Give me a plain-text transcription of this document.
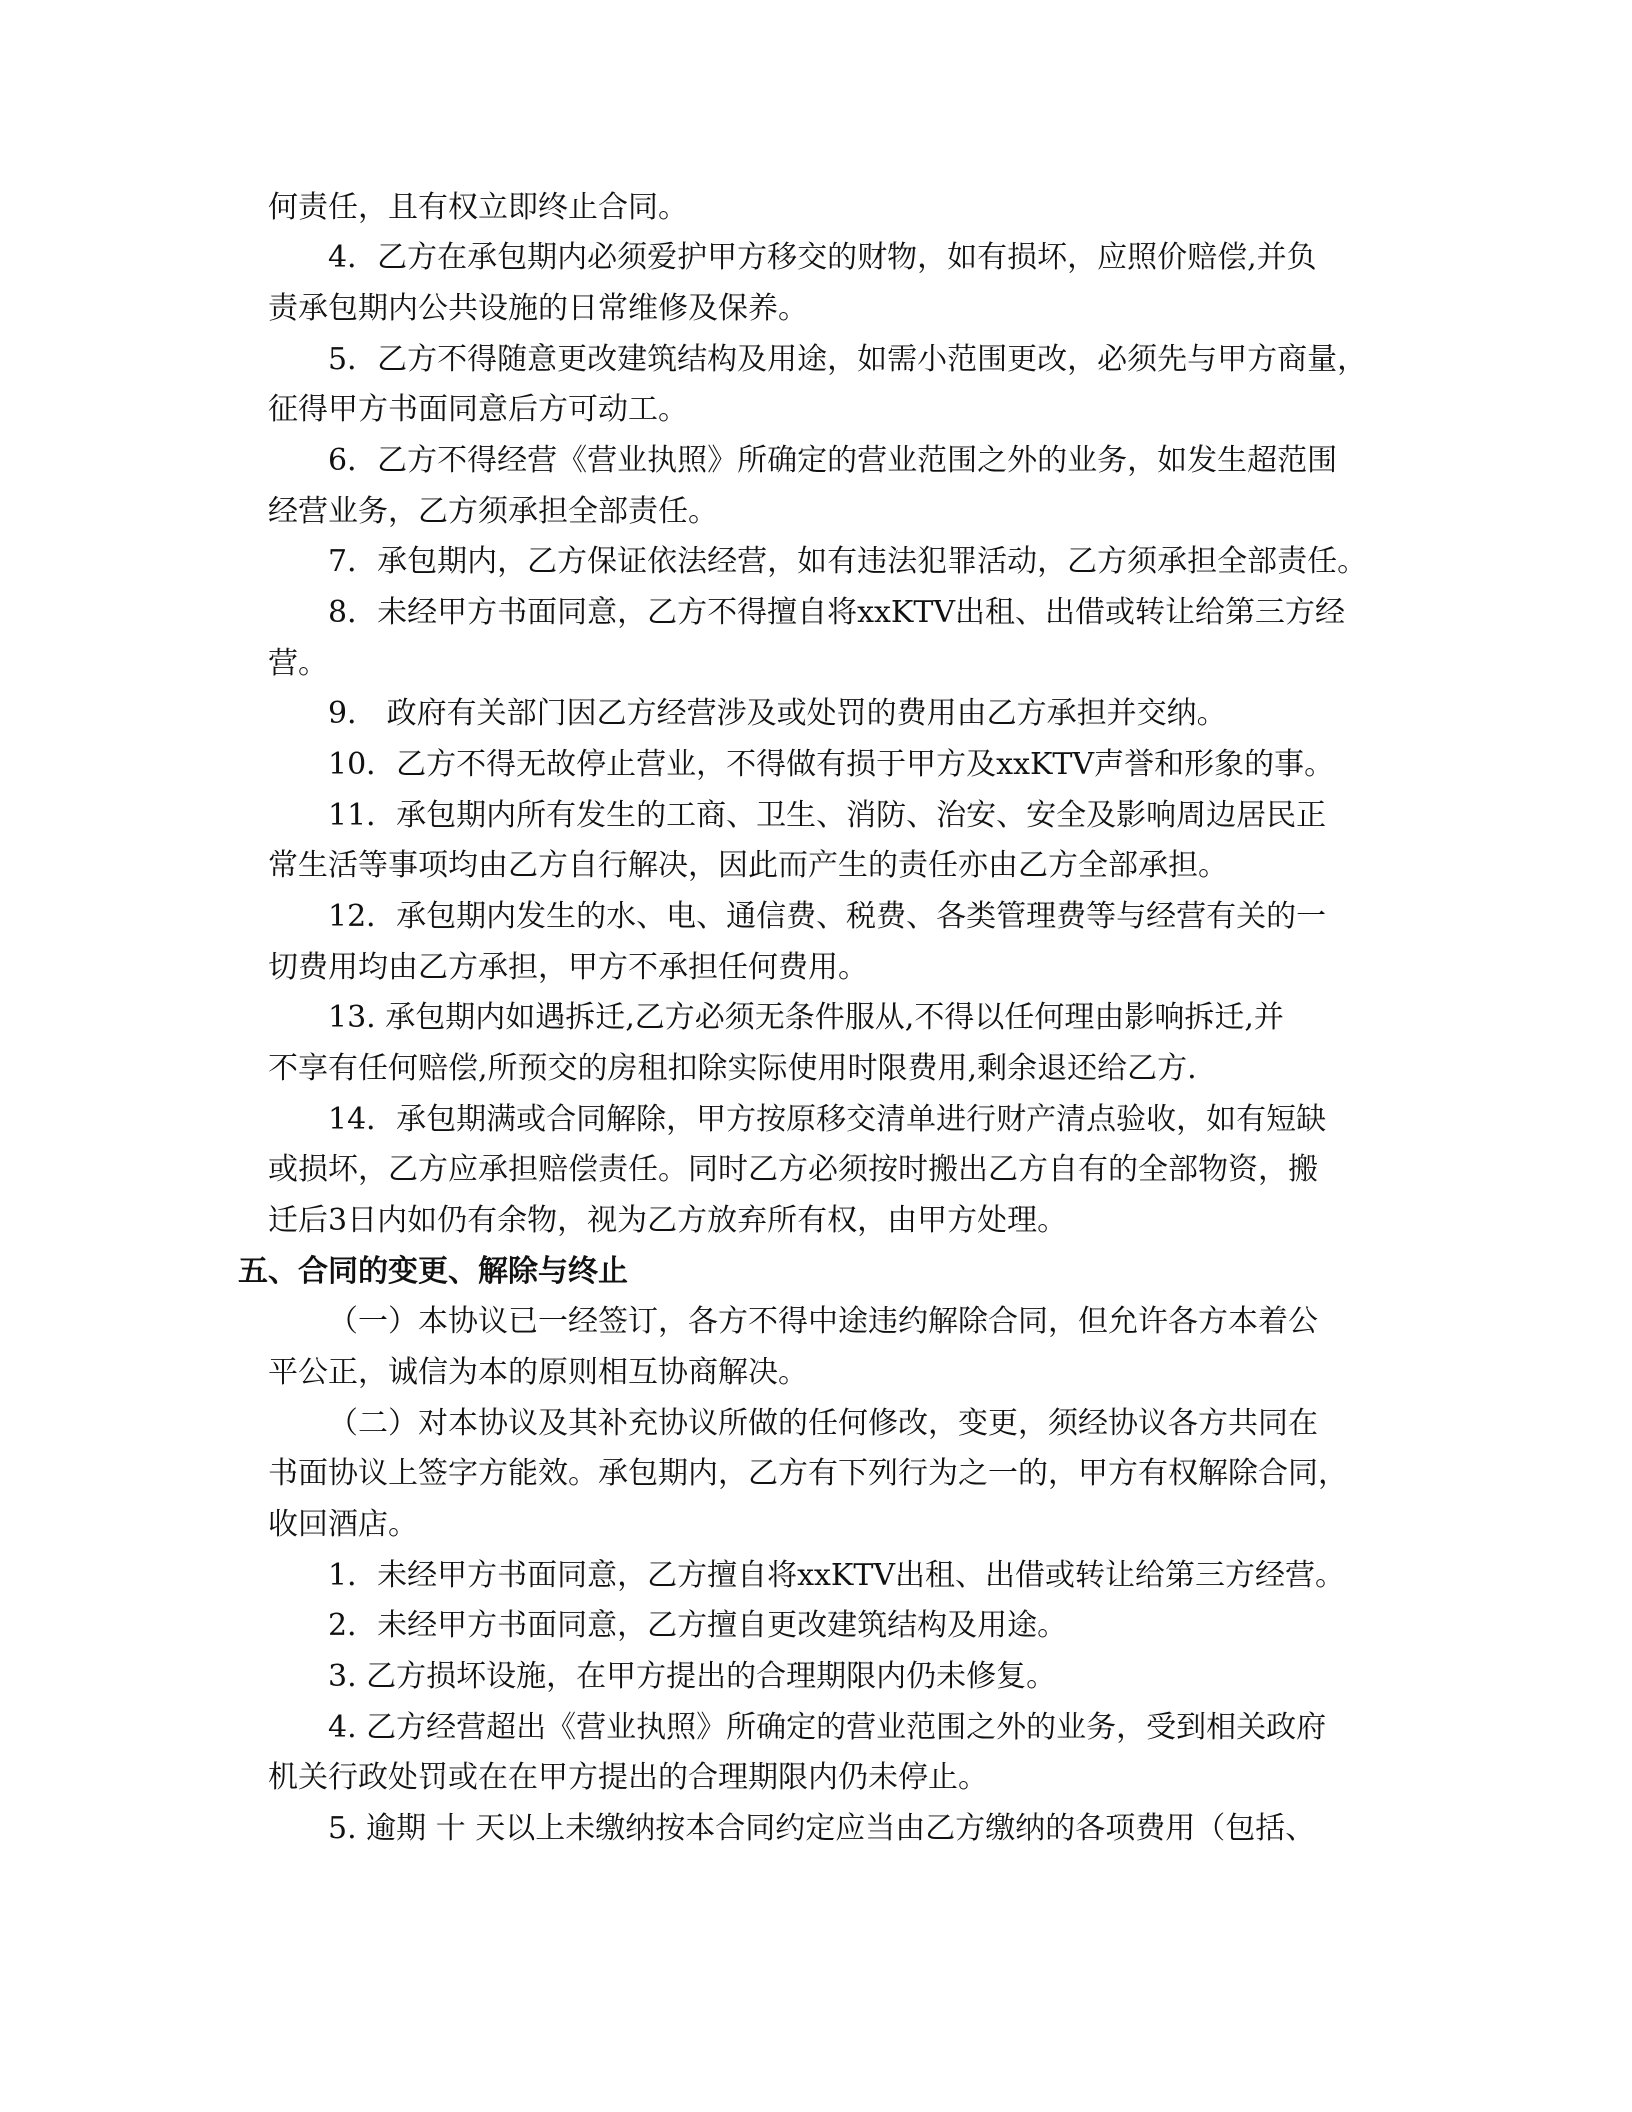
何责任，且有权立即终止合同。
4．乙方在承包期内必须爱护甲方移交的财物，如有损坏，应照价赔偿,并负
责承包期内公共设施的日常维修及保养。
5．乙方不得随意更改建筑结构及用途，如需小范围更改，必须先与甲方商量，
征得甲方书面同意后方可动工。
6．乙方不得经营《营业执照》所确定的营业范围之外的业务，如发生超范围
经营业务，乙方须承担全部责任。
7．承包期内，乙方保证依法经营，如有违法犯罪活动，乙方须承担全部责任。
8．未经甲方书面同意，乙方不得擅自将xxKTV出租、出借或转让给第三方经
营。
9． 政府有关部门因乙方经营涉及或处罚的费用由乙方承担并交纳。
10．乙方不得无故停止营业，不得做有损于甲方及xxKTV声誉和形象的事。
11．承包期内所有发生的工商、卫生、消防、治安、安全及影响周边居民正
常生活等事项均由乙方自行解决，因此而产生的责任亦由乙方全部承担。
12．承包期内发生的水、电、通信费、税费、各类管理费等与经营有关的一
切费用均由乙方承担，甲方不承担任何费用。
13. 承包期内如遇拆迁,乙方必须无条件服从,不得以任何理由影响拆迁,并
不享有任何赔偿,所预交的房租扣除实际使用时限费用,剩余退还给乙方.
14．承包期满或合同解除，甲方按原移交清单进行财产清点验收，如有短缺
或损坏，乙方应承担赔偿责任。同时乙方必须按时搬出乙方自有的全部物资，搬
迁后3日内如仍有余物，视为乙方放弃所有权，由甲方处理。
五、合同的变更、解除与终止
（一）本协议已一经签订，各方不得中途违约解除合同，但允许各方本着公
平公正，诚信为本的原则相互协商解决。
（二）对本协议及其补充协议所做的任何修改，变更，须经协议各方共同在
书面协议上签字方能效。承包期内，乙方有下列行为之一的，甲方有权解除合同，
收回酒店。
1．未经甲方书面同意，乙方擅自将xxKTV出租、出借或转让给第三方经营。
2．未经甲方书面同意，乙方擅自更改建筑结构及用途。
3. 乙方损坏设施，在甲方提出的合理期限内仍未修复。
4. 乙方经营超出《营业执照》所确定的营业范围之外的业务，受到相关政府
机关行政处罚或在在甲方提出的合理期限内仍未停止。
5. 逾期 十 天以上未缴纳按本合同约定应当由乙方缴纳的各项费用（包括、
